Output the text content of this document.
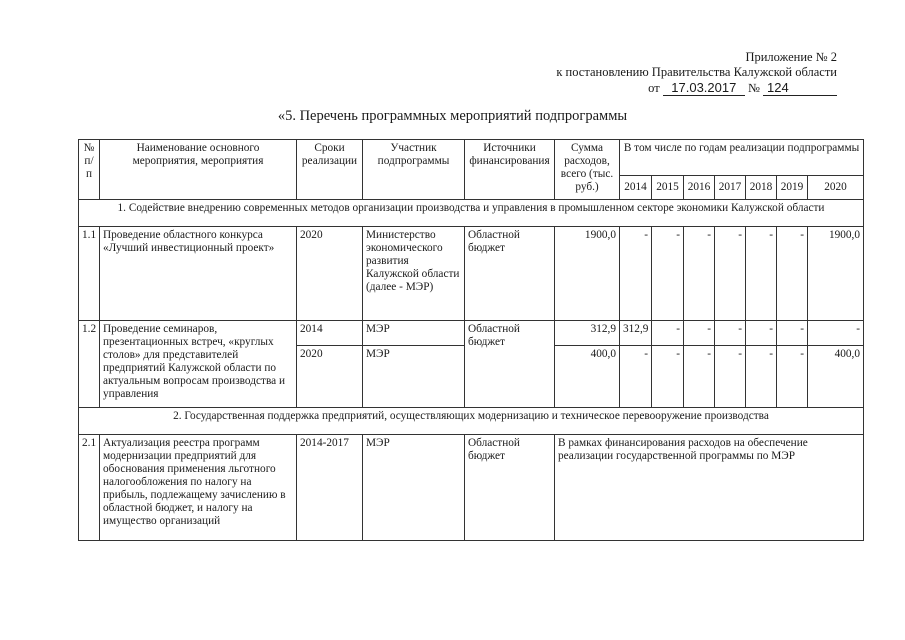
Приложение № 2
к постановлению Правительства Калужской области
от 17.03.2017 № 124
«5. Перечень программных мероприятий подпрограммы
№ п/п	Наименование основного мероприятия, мероприятия	Сроки реализации	Участник подпрограммы	Источники финансирования	Сумма расходов, всего (тыс. руб.)	В том числе по годам реализации подпрограммы						
						2014	2015	2016	2017	2018	2019	2020
1. Содействие внедрению современных методов организации производства и управления в промышленном секторе экономики Калужской области												
1.1	Проведение областного конкурса «Лучший инвестиционный проект»	2020	Министерство экономического развития Калужской области (далее - МЭР)	Областной бюджет	1900,0	-	-	-	-	-	-	1900,0
1.2	Проведение семинаров, презентационных встреч, «круглых столов» для представителей предприятий Калужской области по актуальным вопросам производства и управления	2014	МЭР	Областной бюджет	312,9	312,9	-	-	-	-	-	-
		2020	МЭР		400,0	-	-	-	-	-	-	400,0
2. Государственная поддержка предприятий, осуществляющих модернизацию и техническое перевооружение производства												
2.1	Актуализация реестра программ модернизации предприятий для обоснования применения льготного налогообложения по налогу на прибыль, подлежащему зачислению в областной бюджет, и налогу на имущество организаций	2014-2017	МЭР	Областной бюджет	В рамках финансирования расходов на обеспечение реализации государственной программы по МЭР							
